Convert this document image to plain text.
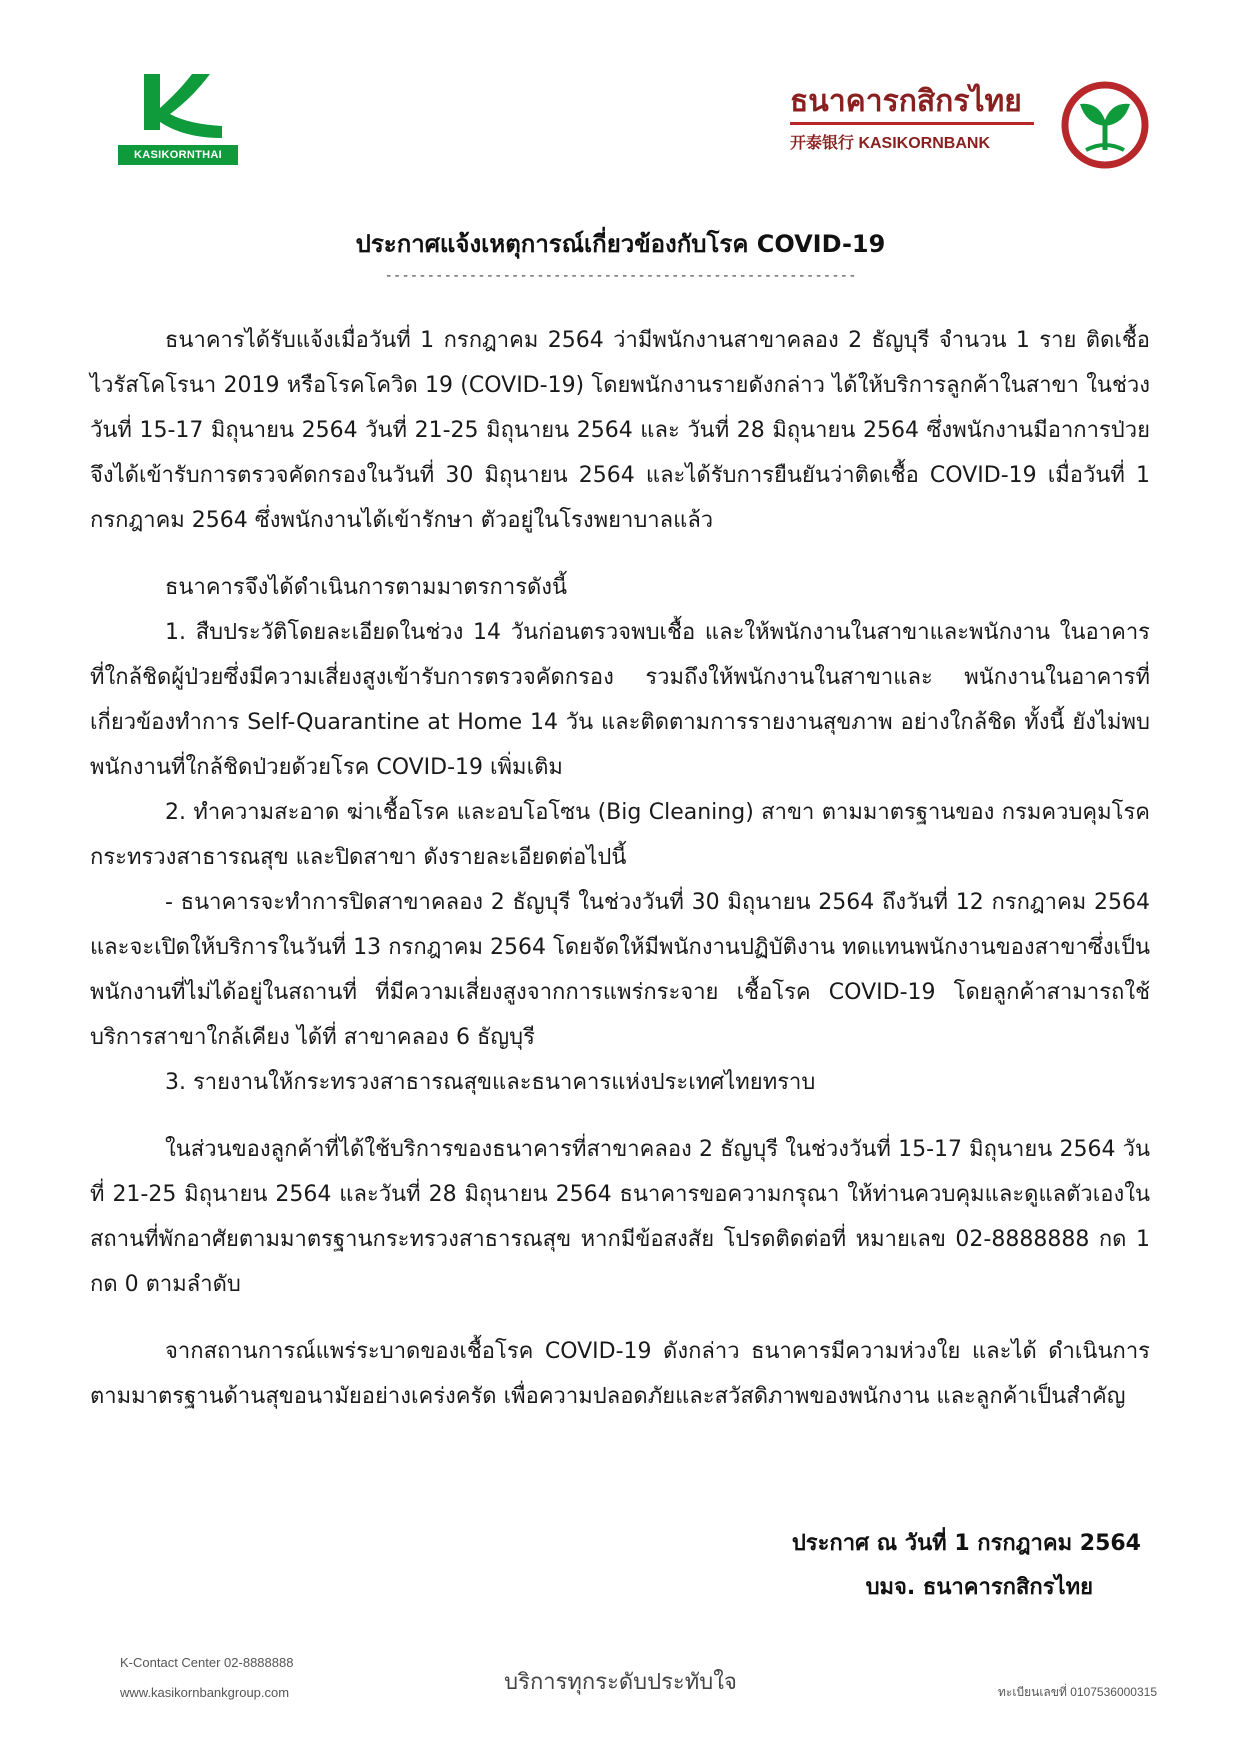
KASIKORNTHAI
ธนาคารกสิกรไทย
开泰银行 KASIKORNBANK
ประกาศแจ้งเหตุการณ์เกี่ยวข้องกับโรค COVID-19
--------------------------------------------------------

ธนาคารได้รับแจ้งเมื่อวันที่ 1 กรกฎาคม 2564 ว่ามีพนักงานสาขาคลอง 2 ธัญบุรี จำนวน 1 ราย ติดเชื้อไวรัสโคโรนา 2019 หรือโรคโควิด 19 (COVID-19) โดยพนักงานรายดังกล่าว ได้ให้บริการลูกค้าในสาขา ในช่วงวันที่ 15-17 มิถุนายน 2564 วันที่ 21-25 มิถุนายน 2564 และ วันที่ 28 มิถุนายน 2564 ซึ่งพนักงานมีอาการป่วยจึงได้เข้ารับการตรวจคัดกรองในวันที่ 30 มิถุนายน 2564 และได้รับการยืนยันว่าติดเชื้อ COVID-19 เมื่อวันที่ 1 กรกฎาคม 2564 ซึ่งพนักงานได้เข้ารักษา ตัวอยู่ในโรงพยาบาลแล้ว

ธนาคารจึงได้ดำเนินการตามมาตรการดังนี้

1. สืบประวัติโดยละเอียดในช่วง 14 วันก่อนตรวจพบเชื้อ และให้พนักงานในสาขาและพนักงาน ในอาคารที่ใกล้ชิดผู้ป่วยซึ่งมีความเสี่ยงสูงเข้ารับการตรวจคัดกรอง รวมถึงให้พนักงานในสาขาและ พนักงานในอาคารที่เกี่ยวข้องทำการ Self-Quarantine at Home 14 วัน และติดตามการรายงานสุขภาพ อย่างใกล้ชิด ทั้งนี้ ยังไม่พบพนักงานที่ใกล้ชิดป่วยด้วยโรค COVID-19 เพิ่มเติม

2. ทำความสะอาด ฆ่าเชื้อโรค และอบโอโซน (Big Cleaning) สาขา ตามมาตรฐานของ กรมควบคุมโรค กระทรวงสาธารณสุข และปิดสาขา ดังรายละเอียดต่อไปนี้

- ธนาคารจะทำการปิดสาขาคลอง 2 ธัญบุรี ในช่วงวันที่ 30 มิถุนายน 2564 ถึงวันที่ 12 กรกฎาคม 2564 และจะเปิดให้บริการในวันที่ 13 กรกฎาคม 2564 โดยจัดให้มีพนักงานปฏิบัติงาน ทดแทนพนักงานของสาขาซึ่งเป็นพนักงานที่ไม่ได้อยู่ในสถานที่ ที่มีความเสี่ยงสูงจากการแพร่กระจาย เชื้อโรค COVID-19 โดยลูกค้าสามารถใช้บริการสาขาใกล้เคียง ได้ที่ สาขาคลอง 6 ธัญบุรี

3. รายงานให้กระทรวงสาธารณสุขและธนาคารแห่งประเทศไทยทราบ

ในส่วนของลูกค้าที่ได้ใช้บริการของธนาคารที่สาขาคลอง 2 ธัญบุรี ในช่วงวันที่ 15-17 มิถุนายน 2564 วันที่ 21-25 มิถุนายน 2564 และวันที่ 28 มิถุนายน 2564 ธนาคารขอความกรุณา ให้ท่านควบคุมและดูแลตัวเองในสถานที่พักอาศัยตามมาตรฐานกระทรวงสาธารณสุข หากมีข้อสงสัย โปรดติดต่อที่ หมายเลข 02-8888888 กด 1 กด 0 ตามลำดับ

จากสถานการณ์แพร่ระบาดของเชื้อโรค COVID-19 ดังกล่าว ธนาคารมีความห่วงใย และได้ ดำเนินการตามมาตรฐานด้านสุขอนามัยอย่างเคร่งครัด เพื่อความปลอดภัยและสวัสดิภาพของพนักงาน และลูกค้าเป็นสำคัญ

ประกาศ ณ วันที่ 1 กรกฎาคม 2564
บมจ. ธนาคารกสิกรไทย
K-Contact Center 02-8888888
www.kasikornbankgroup.com	บริการทุกระดับประทับใจ	ทะเบียนเลขที่ 0107536000315
